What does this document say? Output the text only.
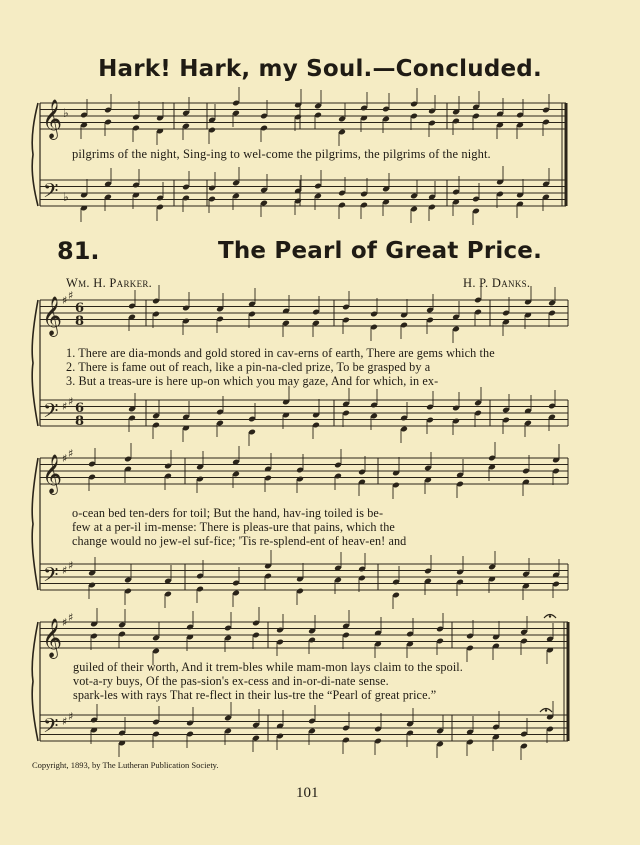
Hark! Hark, my Soul.—Concluded.
81.	The Pearl of Great Price.
Wm. H. Parker.	H. P. Danks.
pilgrims of the night, Sing-ing to wel-come the pilgrims, the pilgrims of the night.
1. There are dia-monds and gold stored in cav-erns of earth, There are gems which the
2. There is fame out of reach, like a pin-na-cled prize, To be grasped by a
3. But a treas-ure is here up-on which you may gaze, And for which, in ex-
o-cean bed ten-ders for toil; But the hand, hav-ing toiled is be-
few at a per-il im-mense: There is pleas-ure that pains, which the
change would no jew-el suf-fice; 'Tis re-splend-ent of heav-en! and
guiled of their worth, And it trem-bles while mam-mon lays claim to the spoil.
vot-a-ry buys, Of the pas-sion's ex-cess and in-or-di-nate sense.
spark-les with rays That re-flect in their lus-tre the “Pearl of great price.”
Copyright, 1893, by The Lutheran Publication Society.
101
𝄞
𝄢
♭
♭
𝄞
𝄢
♯
♯
♯
♯
6
8
6
8
𝄞
𝄢
♯
♯
♯
♯
𝄞
𝄢
♯
♯
♯
♯
